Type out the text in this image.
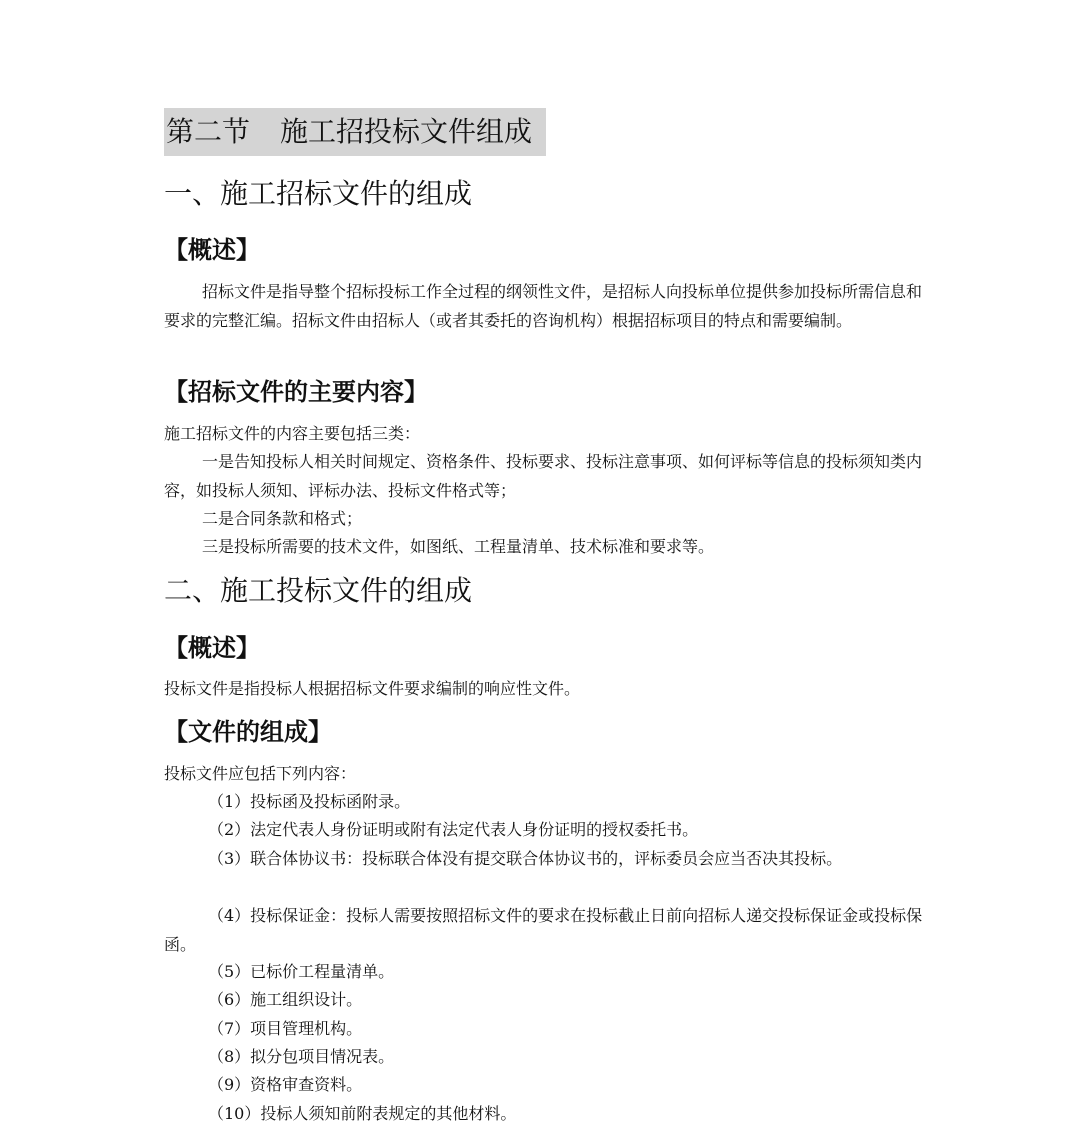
第二节 施工招投标文件组成
一、施工招标文件的组成
【概述】

招标文件是指导整个招标投标工作全过程的纲领性文件，是招标人向投标单位提供参加投标所需信息和要求的完整汇编。招标文件由招标人（或者其委托的咨询机构）根据招标项目的特点和需要编制。

【招标文件的主要内容】

施工招标文件的内容主要包括三类：

一是告知投标人相关时间规定、资格条件、投标要求、投标注意事项、如何评标等信息的投标须知类内容，如投标人须知、评标办法、投标文件格式等；

二是合同条款和格式；

三是投标所需要的技术文件，如图纸、工程量清单、技术标准和要求等。

二、施工投标文件的组成
【概述】

投标文件是指投标人根据招标文件要求编制的响应性文件。

【文件的组成】

投标文件应包括下列内容：

（1）投标函及投标函附录。

（2）法定代表人身份证明或附有法定代表人身份证明的授权委托书。

（3）联合体协议书：投标联合体没有提交联合体协议书的，评标委员会应当否决其投标。

（4）投标保证金：投标人需要按照招标文件的要求在投标截止日前向招标人递交投标保证金或投标保函。

（5）已标价工程量清单。

（6）施工组织设计。

（7）项目管理机构。

（8）拟分包项目情况表。

（9）资格审查资料。

（10）投标人须知前附表规定的其他材料。
